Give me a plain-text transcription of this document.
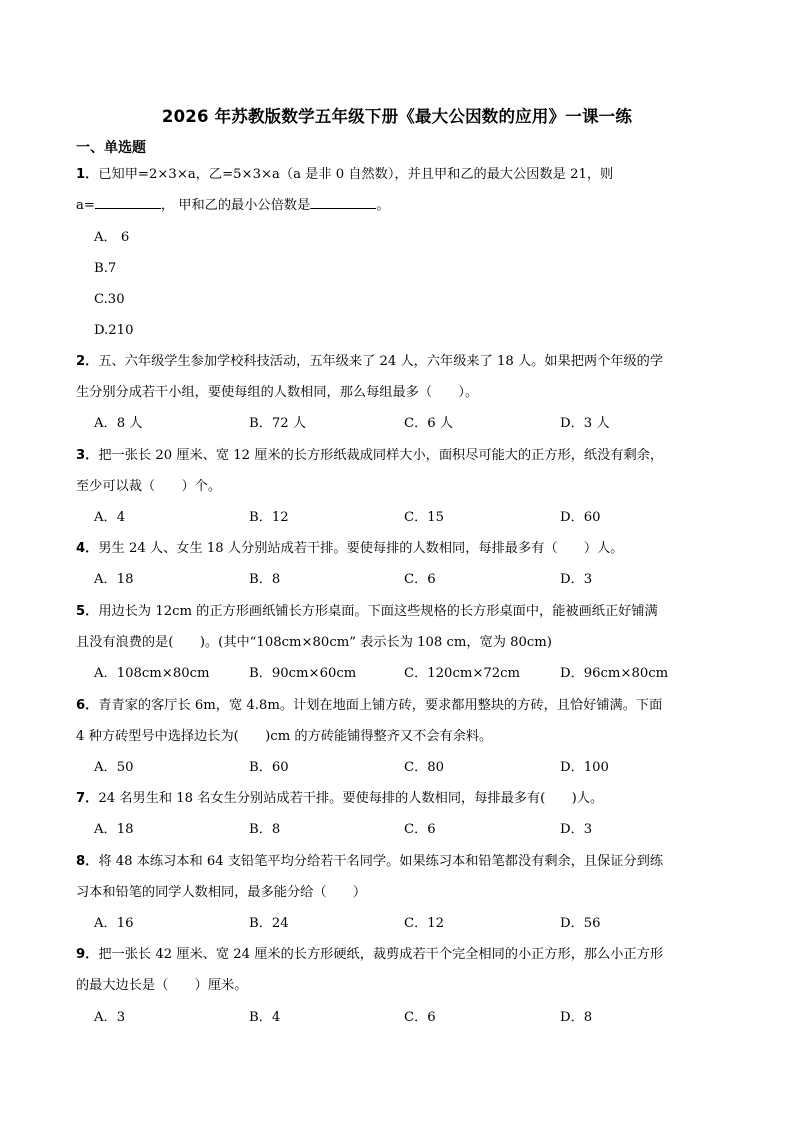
2026 年苏教版数学五年级下册《最大公因数的应用》一课一练
一、单选题
1．已知甲=2×3×a，乙=5×3×a（a 是非 0 自然数），并且甲和乙的最大公因数是 21，则
a=	， 甲和乙的最小公倍数是	。
A． 6
B.7
C.30
D.210
2．五、六年级学生参加学校科技活动，五年级来了 24 人，六年级来了 18 人。如果把两个年级的学
生分别分成若干小组，要使每组的人数相同，那么每组最多（　　）。
A．8 人	B．72 人	C．6 人	D．3 人
3．把一张长 20 厘米、宽 12 厘米的长方形纸裁成同样大小，面积尽可能大的正方形，纸没有剩余，
至少可以裁（　　）个。
A．4	B．12	C．15	D．60
4．男生 24 人、女生 18 人分别站成若干排。要使每排的人数相同，每排最多有（　　）人。
A．18	B．8	C．6	D．3
5．用边长为 12cm 的正方形画纸铺长方形桌面。下面这些规格的长方形桌面中，能被画纸正好铺满
且没有浪费的是(　　)。(其中“108cm×80cm” 表示长为 108 cm，宽为 80cm)
A．108cm×80cm	B．90cm×60cm	C．120cm×72cm	D．96cm×80cm
6．青青家的客厅长 6m，宽 4.8m。计划在地面上铺方砖，要求都用整块的方砖，且恰好铺满。下面
4 种方砖型号中选择边长为(　　)cm 的方砖能铺得整齐又不会有余料。
A．50	B．60	C．80	D．100
7．24 名男生和 18 名女生分别站成若干排。要使每排的人数相同，每排最多有(　　)人。
A．18	B．8	C．6	D．3
8．将 48 本练习本和 64 支铅笔平均分给若干名同学。如果练习本和铅笔都没有剩余，且保证分到练
习本和铅笔的同学人数相同，最多能分给（　　）
A．16	B．24	C．12	D．56
9．把一张长 42 厘米、宽 24 厘米的长方形硬纸，裁剪成若干个完全相同的小正方形，那么小正方形
的最大边长是（　　）厘米。
A．3	B．4	C．6	D．8
